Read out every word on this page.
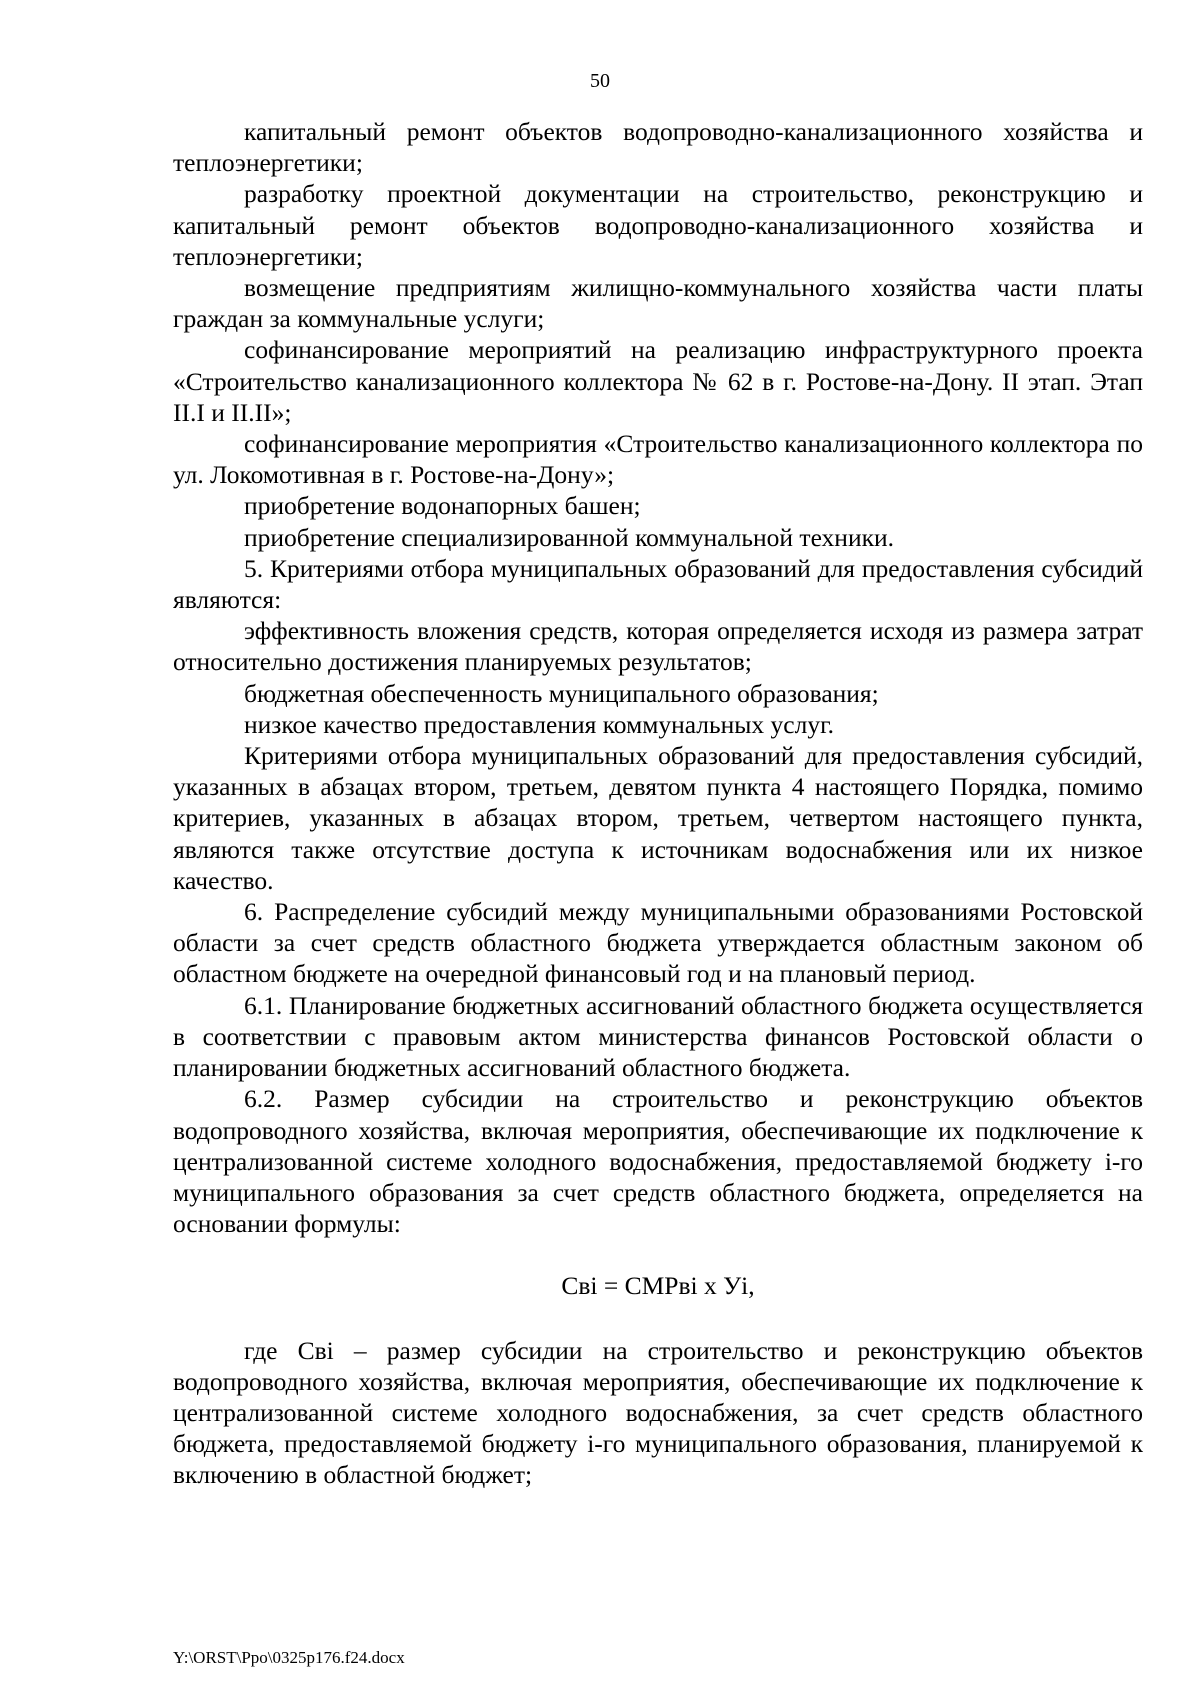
50

капитальный ремонт объектов водопроводно-канализационного хозяйства и теплоэнергетики;

разработку проектной документации на строительство, реконструкцию и капитальный ремонт объектов водопроводно-канализационного хозяйства и теплоэнергетики;

возмещение предприятиям жилищно-коммунального хозяйства части платы граждан за коммунальные услуги;

софинансирование мероприятий на реализацию инфраструктурного проекта «Строительство канализационного коллектора № 62 в г. Ростове-на-Дону. II этап. Этап II.I и II.II»;

софинансирование мероприятия «Строительство канализационного коллектора по ул. Локомотивная в г. Ростове-на-Дону»;

приобретение водонапорных башен;

приобретение специализированной коммунальной техники.

5. Критериями отбора муниципальных образований для предоставления субсидий являются:

эффективность вложения средств, которая определяется исходя из размера затрат относительно достижения планируемых результатов;

бюджетная обеспеченность муниципального образования;

низкое качество предоставления коммунальных услуг.

Критериями отбора муниципальных образований для предоставления субсидий, указанных в абзацах втором, третьем, девятом пункта 4 настоящего Порядка, помимо критериев, указанных в абзацах втором, третьем, четвертом настоящего пункта, являются также отсутствие доступа к источникам водоснабжения или их низкое качество.

6. Распределение субсидий между муниципальными образованиями Ростовской области за счет средств областного бюджета утверждается областным законом об областном бюджете на очередной финансовый год и на плановый период.

6.1. Планирование бюджетных ассигнований областного бюджета осуществляется в соответствии с правовым актом министерства финансов Ростовской области о планировании бюджетных ассигнований областного бюджета.

6.2. Размер субсидии на строительство и реконструкцию объектов водопроводного хозяйства, включая мероприятия, обеспечивающие их подключение к централизованной системе холодного водоснабжения, предоставляемой бюджету i-го муниципального образования за счет средств областного бюджета, определяется на основании формулы:

Свi = СМРвi x Уi,

где Свi – размер субсидии на строительство и реконструкцию объектов водопроводного хозяйства, включая мероприятия, обеспечивающие их подключение к централизованной системе холодного водоснабжения, за счет средств областного бюджета, предоставляемой бюджету i-го муниципального образования, планируемой к включению в областной бюджет;

Y:\ORST\Ppo\0325p176.f24.docx
